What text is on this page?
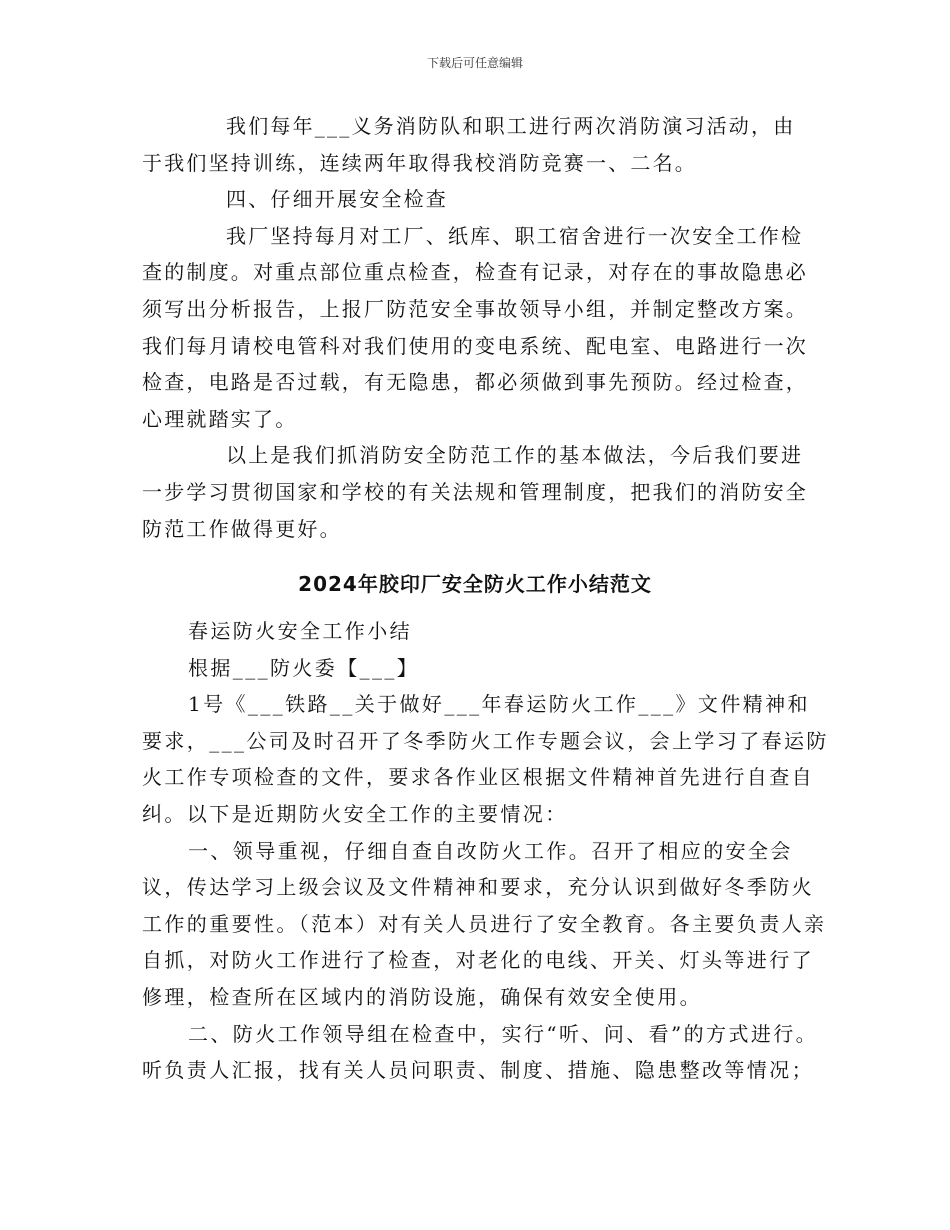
下载后可任意编辑

我们每年___义务消防队和职工进行两次消防演习活动，由于我们坚持训练，连续两年取得我校消防竞赛一、二名。

四、仔细开展安全检查

我厂坚持每月对工厂、纸库、职工宿舍进行一次安全工作检查的制度。对重点部位重点检查，检查有记录，对存在的事故隐患必须写出分析报告，上报厂防范安全事故领导小组，并制定整改方案。我们每月请校电管科对我们使用的变电系统、配电室、电路进行一次检查，电路是否过载，有无隐患，都必须做到事先预防。经过检查，心理就踏实了。

以上是我们抓消防安全防范工作的基本做法，今后我们要进一步学习贯彻国家和学校的有关法规和管理制度，把我们的消防安全防范工作做得更好。

2024年胶印厂安全防火工作小结范文

春运防火安全工作小结

根据___防火委【___】

1号《___铁路__关于做好___年春运防火工作___》文件精神和要求，___公司及时召开了冬季防火工作专题会议，会上学习了春运防火工作专项检查的文件，要求各作业区根据文件精神首先进行自查自纠。以下是近期防火安全工作的主要情况：

一、领导重视，仔细自查自改防火工作。召开了相应的安全会议，传达学习上级会议及文件精神和要求，充分认识到做好冬季防火工作的重要性。（范本）对有关人员进行了安全教育。各主要负责人亲自抓，对防火工作进行了检查，对老化的电线、开关、灯头等进行了修理，检查所在区域内的消防设施，确保有效安全使用。

二、防火工作领导组在检查中，实行“听、问、看”的方式进行。听负责人汇报，找有关人员问职责、制度、措施、隐患整改等情况；
